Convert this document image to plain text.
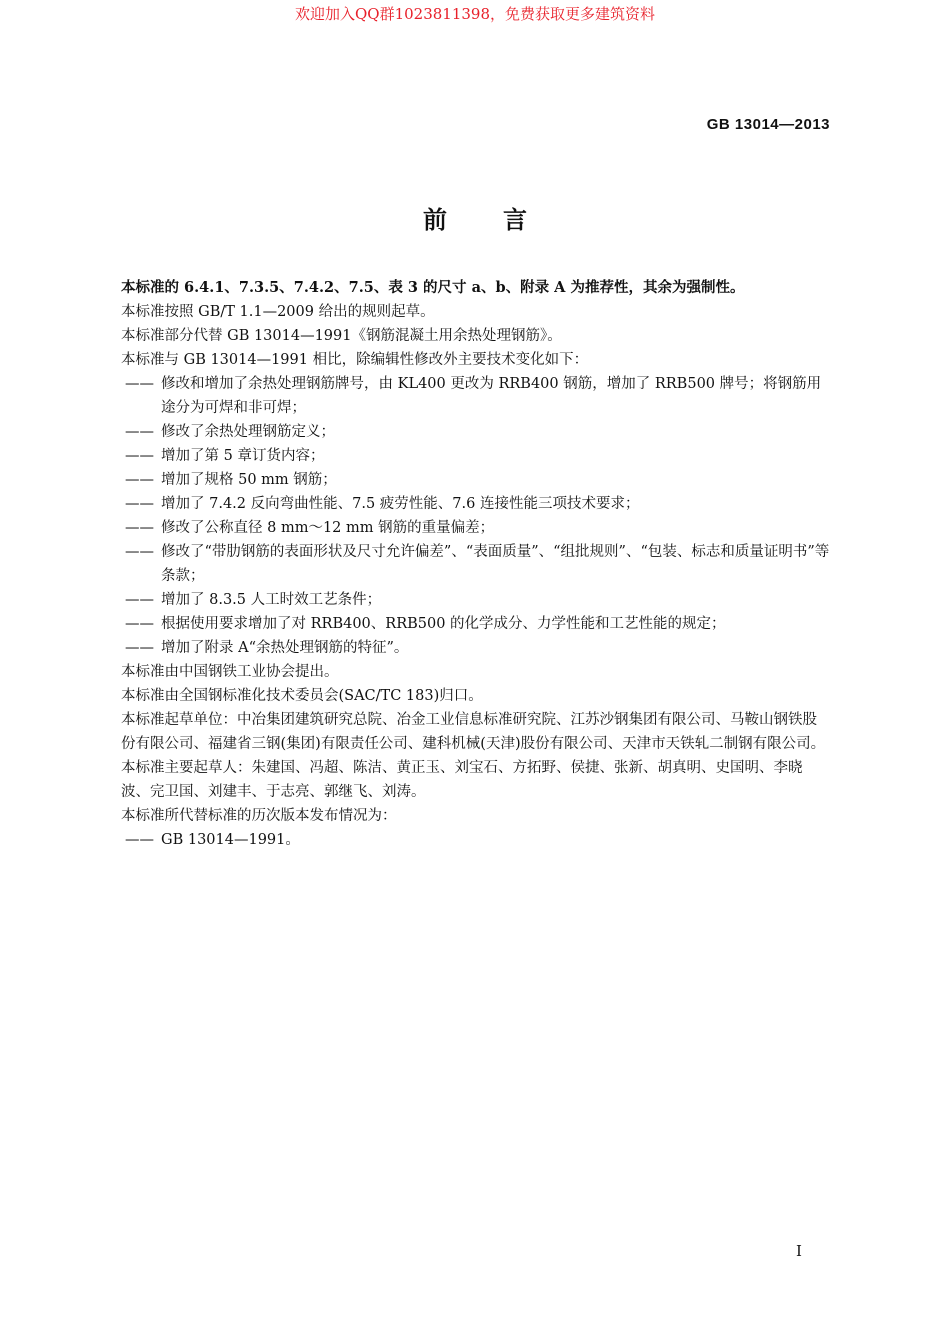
欢迎加入QQ群1023811398，免费获取更多建筑资料
GB 13014—2013
前言

本标准的 6.4.1、7.3.5、7.4.2、7.5、表 3 的尺寸 a、b、附录 A 为推荐性，其余为强制性。

本标准按照 GB/T 1.1—2009 给出的规则起草。

本标准部分代替 GB 13014—1991《钢筋混凝土用余热处理钢筋》。

本标准与 GB 13014—1991 相比，除编辑性修改外主要技术变化如下：

—— 修改和增加了余热处理钢筋牌号，由 KL400 更改为 RRB400 钢筋，增加了 RRB500 牌号；将钢筋用途分为可焊和非可焊；

—— 修改了余热处理钢筋定义；

—— 增加了第 5 章订货内容；

—— 增加了规格 50 mm 钢筋；

—— 增加了 7.4.2 反向弯曲性能、7.5 疲劳性能、7.6 连接性能三项技术要求；

—— 修改了公称直径 8 mm～12 mm 钢筋的重量偏差；

—— 修改了“带肋钢筋的表面形状及尺寸允许偏差”、“表面质量”、“组批规则”、“包装、标志和质量证明书”等条款；

—— 增加了 8.3.5 人工时效工艺条件；

—— 根据使用要求增加了对 RRB400、RRB500 的化学成分、力学性能和工艺性能的规定；

—— 增加了附录 A“余热处理钢筋的特征”。

本标准由中国钢铁工业协会提出。

本标准由全国钢标准化技术委员会(SAC/TC 183)归口。

本标准起草单位：中冶集团建筑研究总院、冶金工业信息标准研究院、江苏沙钢集团有限公司、马鞍山钢铁股份有限公司、福建省三钢(集团)有限责任公司、建科机械(天津)股份有限公司、天津市天铁轧二制钢有限公司。

本标准主要起草人：朱建国、冯超、陈洁、黄正玉、刘宝石、方拓野、侯捷、张新、胡真明、史国明、李晓波、完卫国、刘建丰、于志亮、郭继飞、刘涛。

本标准所代替标准的历次版本发布情况为：

—— GB 13014—1991。

I
